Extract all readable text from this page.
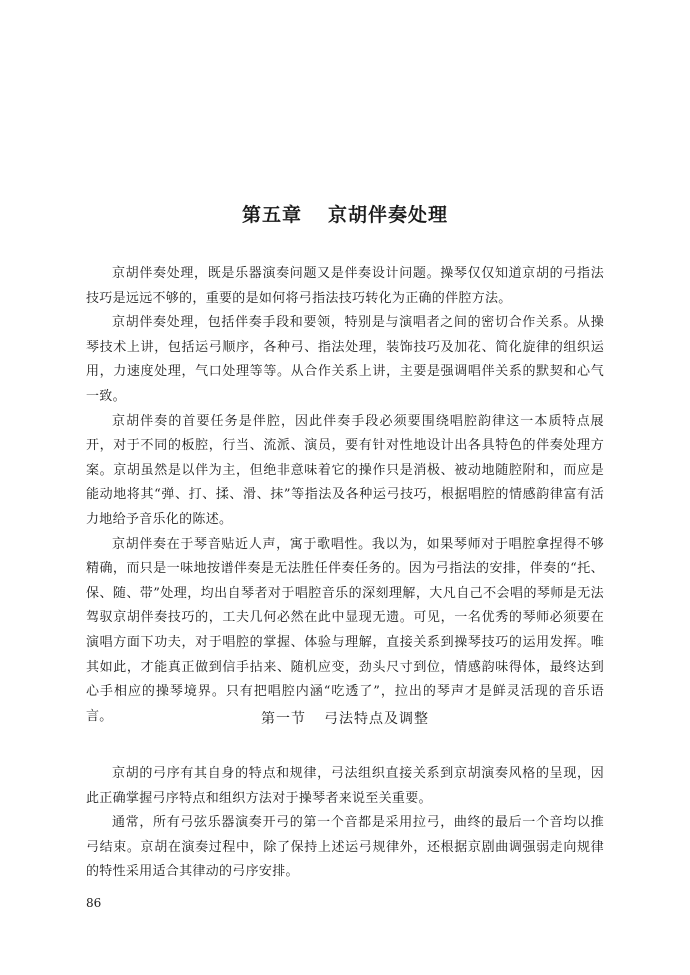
第五章 京胡伴奏处理

京胡伴奏处理，既是乐器演奏问题又是伴奏设计问题。操琴仅仅知道京胡的弓指法技巧是远远不够的，重要的是如何将弓指法技巧转化为正确的伴腔方法。

京胡伴奏处理，包括伴奏手段和要领，特别是与演唱者之间的密切合作关系。从操琴技术上讲，包括运弓顺序，各种弓、指法处理，装饰技巧及加花、简化旋律的组织运用，力速度处理，气口处理等等。从合作关系上讲，主要是强调唱伴关系的默契和心气一致。

京胡伴奏的首要任务是伴腔，因此伴奏手段必须要围绕唱腔韵律这一本质特点展开，对于不同的板腔，行当、流派、演员，要有针对性地设计出各具特色的伴奏处理方案。京胡虽然是以伴为主，但绝非意味着它的操作只是消极、被动地随腔附和，而应是能动地将其“弹、打、揉、滑、抹”等指法及各种运弓技巧，根据唱腔的情感韵律富有活力地给予音乐化的陈述。

京胡伴奏在于琴音贴近人声，寓于歌唱性。我以为，如果琴师对于唱腔拿捏得不够精确，而只是一味地按谱伴奏是无法胜任伴奏任务的。因为弓指法的安排，伴奏的“托、保、随、带”处理，均出自琴者对于唱腔音乐的深刻理解，大凡自己不会唱的琴师是无法驾驭京胡伴奏技巧的，工夫几何必然在此中显现无遗。可见，一名优秀的琴师必须要在演唱方面下功夫，对于唱腔的掌握、体验与理解，直接关系到操琴技巧的运用发挥。唯其如此，才能真正做到信手拈来、随机应变，劲头尺寸到位，情感韵味得体，最终达到心手相应的操琴境界。只有把唱腔内涵“吃透了”，拉出的琴声才是鲜灵活现的音乐语言。	第一节 弓法特点及调整

京胡的弓序有其自身的特点和规律，弓法组织直接关系到京胡演奏风格的呈现，因此正确掌握弓序特点和组织方法对于操琴者来说至关重要。

通常，所有弓弦乐器演奏开弓的第一个音都是采用拉弓，曲终的最后一个音均以推弓结束。京胡在演奏过程中，除了保持上述运弓规律外，还根据京剧曲调强弱走向规律的特性采用适合其律动的弓序安排。

86
